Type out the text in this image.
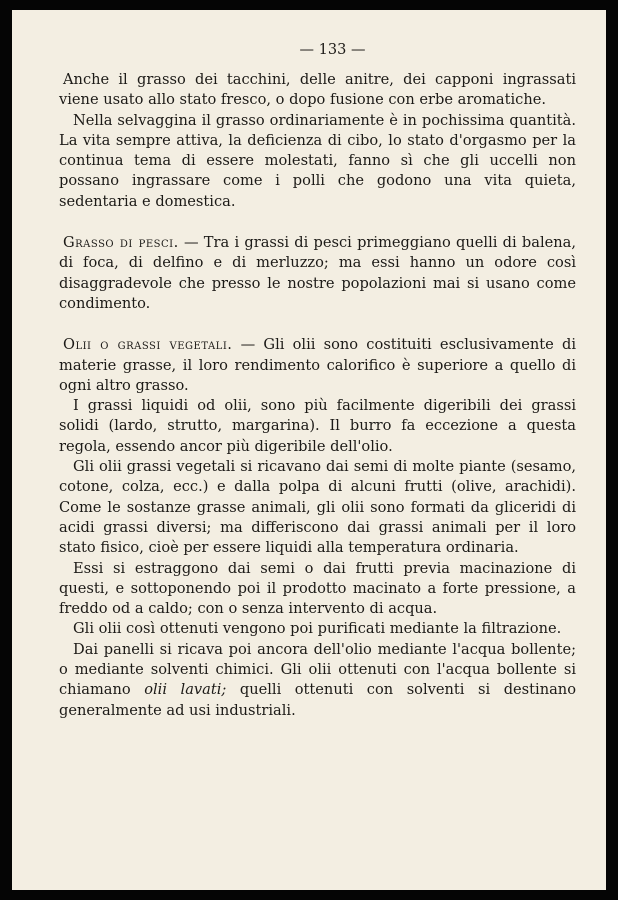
— 133 —

Anche il grasso dei tacchini, delle anitre, dei capponi ingrassati viene usato allo stato fresco, o dopo fusione con erbe aromatiche.

Nella selvaggina il grasso ordinariamente è in pochissima quantità. La vita sempre attiva, la deficienza di cibo, lo stato d'orgasmo per la continua tema di essere molestati, fanno sì che gli uccelli non possano ingrassare come i polli che godono una vita quieta, sedentaria e domestica.

Grasso di pesci. — Tra i grassi di pesci primeggiano quelli di balena, di foca, di delfino e di merluzzo; ma essi hanno un odore così disaggradevole che presso le nostre popolazioni mai si usano come condimento.

Olii o grassi vegetali. — Gli olii sono costituiti esclusivamente di materie grasse, il loro rendimento calorifico è superiore a quello di ogni altro grasso.

I grassi liquidi od olii, sono più facilmente digeribili dei grassi solidi (lardo, strutto, margarina). Il burro fa eccezione a questa regola, essendo ancor più digeribile dell'olio.

Gli olii grassi vegetali si ricavano dai semi di molte piante (sesamo, cotone, colza, ecc.) e dalla polpa di alcuni frutti (olive, arachidi). Come le sostanze grasse animali, gli olii sono formati da gliceridi di acidi grassi diversi; ma differiscono dai grassi animali per il loro stato fisico, cioè per essere liquidi alla temperatura ordinaria.

Essi si estraggono dai semi o dai frutti previa macinazione di questi, e sottoponendo poi il prodotto macinato a forte pressione, a freddo od a caldo; con o senza intervento di acqua.

Gli olii così ottenuti vengono poi purificati mediante la filtrazione.

Dai panelli si ricava poi ancora dell'olio mediante l'acqua bollente; o mediante solventi chimici. Gli olii ottenuti con l'acqua bollente si chiamano olii lavati; quelli ottenuti con solventi si destinano generalmente ad usi industriali.
